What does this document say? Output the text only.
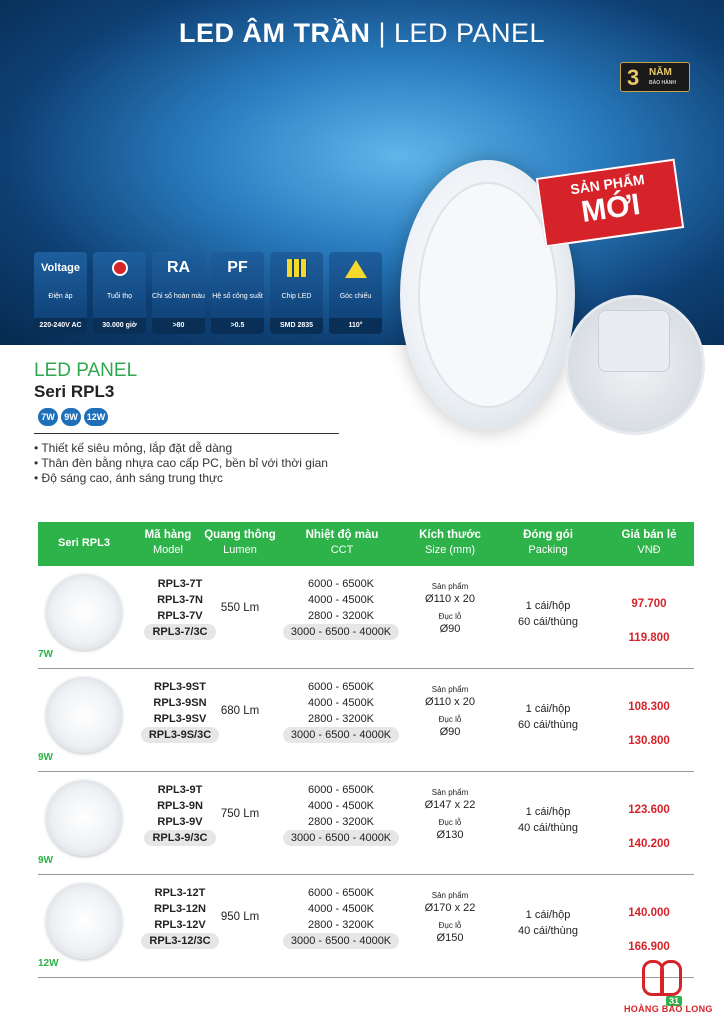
LED ÂM TRẦN | LED PANEL
3 NĂM
BẢO HÀNH
Voltage
Điện áp
220-240V AC
Tuổi thọ
30.000 giờ
RA
Chỉ số hoàn màu
>80
PF
Hệ số công suất
>0.5
Chip LED
SMD 2835
Góc chiếu
110°
SẢN PHẨM
MỚI
LED PANEL
Seri RPL3
7W	9W 12W
• Thiết kế siêu mỏng, lắp đặt dễ dàng
• Thân đèn bằng nhựa cao cấp PC, bền bỉ với thời gian
• Độ sáng cao, ánh sáng trung thực
Seri RPL3
Mã hàng
Model
Quang thông
Lumen
Nhiệt độ màu
CCT
Kích thước
Size (mm)
Đóng gói
Packing
Giá bán lẻ
VNĐ
7W
RPL3-7T
RPL3-7N
RPL3-7V
RPL3-7/3C
550 Lm
6000 - 6500K
4000 - 4500K
2800 - 3200K
3000 - 6500 - 4000K
Sản phẩm
Ø110 x 20
Đục lỗ
Ø90
1 cái/hộp
60 cái/thùng
97.700
119.800
9W
RPL3-9ST
RPL3-9SN
RPL3-9SV
RPL3-9S/3C
680 Lm
6000 - 6500K
4000 - 4500K
2800 - 3200K
3000 - 6500 - 4000K
Sản phẩm
Ø110 x 20
Đục lỗ
Ø90
1 cái/hộp
60 cái/thùng
108.300
130.800
9W
RPL3-9T
RPL3-9N
RPL3-9V
RPL3-9/3C
750 Lm
6000 - 6500K
4000 - 4500K
2800 - 3200K
3000 - 6500 - 4000K
Sản phẩm
Ø147 x 22
Đục lỗ
Ø130
1 cái/hộp
40 cái/thùng
123.600
140.200
12W
RPL3-12T
RPL3-12N
RPL3-12V
RPL3-12/3C
950 Lm
6000 - 6500K
4000 - 4500K
2800 - 3200K
3000 - 6500 - 4000K
Sản phẩm
Ø170 x 22
Đục lỗ
Ø150
1 cái/hộp
40 cái/thùng
140.000
166.900
31
HOÀNG BẢO LONG
